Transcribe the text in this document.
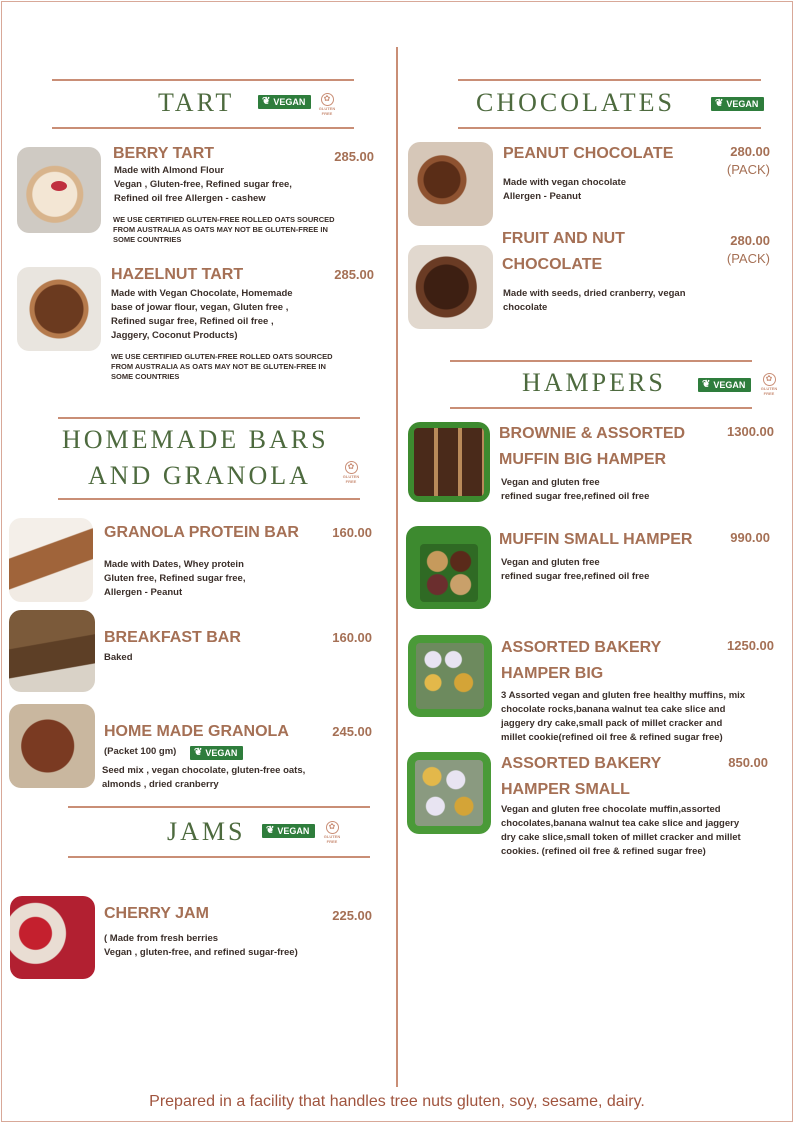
TART	❦ VEGAN	✿
GLUTEN FREE
BERRY TART	285.00
Made with Almond Flour
Vegan , Gluten-free, Refined sugar free,
Refined oil free Allergen - cashew
WE USE CERTIFIED GLUTEN-FREE ROLLED OATS SOURCED
FROM AUSTRALIA AS OATS MAY NOT BE GLUTEN-FREE IN
SOME COUNTRIES
HAZELNUT TART	285.00
Made with Vegan Chocolate, Homemade
base of jowar flour, vegan, Gluten free ,
Refined sugar free, Refined oil free ,
Jaggery, Coconut Products)
WE USE CERTIFIED GLUTEN-FREE ROLLED OATS SOURCED
FROM AUSTRALIA AS OATS MAY NOT BE GLUTEN-FREE IN
SOME COUNTRIES
HOMEMADE BARS
AND GRANOLA	✿
GLUTEN FREE
GRANOLA PROTEIN BAR	160.00
Made with Dates, Whey protein
Gluten free, Refined sugar free,
Allergen - Peanut
BREAKFAST BAR	160.00
Baked
HOME MADE GRANOLA	245.00
(Packet 100 gm) ❦ VEGAN
Seed mix , vegan chocolate, gluten-free oats,
almonds , dried cranberry
JAMS ❦ VEGAN	✿
GLUTEN FREE
CHERRY JAM	225.00
( Made from fresh berries
Vegan , gluten-free, and refined sugar-free)
CHOCOLATES	❦ VEGAN
PEANUT CHOCOLATE	280.00
(PACK)
Made with vegan chocolate
Allergen - Peanut
FRUIT AND NUT
CHOCOLATE
280.00
(PACK)
Made with seeds, dried cranberry, vegan
chocolate
HAMPERS	❦ VEGAN
✿
GLUTEN FREE
BROWNIE & ASSORTED
MUFFIN BIG HAMPER
1300.00
Vegan and gluten free
refined sugar free,refined oil free
MUFFIN SMALL HAMPER	990.00
Vegan and gluten free
refined sugar free,refined oil free
ASSORTED BAKERY
HAMPER BIG
1250.00
3 Assorted vegan and gluten free healthy muffins, mix
chocolate rocks,banana walnut tea cake slice and
jaggery dry cake,small pack of millet cracker and
millet cookie(refined oil free & refined sugar free)
ASSORTED BAKERY
HAMPER SMALL
850.00
Vegan and gluten free chocolate muffin,assorted
chocolates,banana walnut tea cake slice and jaggery
dry cake slice,small token of millet cracker and millet
cookies. (refined oil free & refined sugar free)
Prepared in a facility that handles tree nuts gluten, soy, sesame, dairy.
